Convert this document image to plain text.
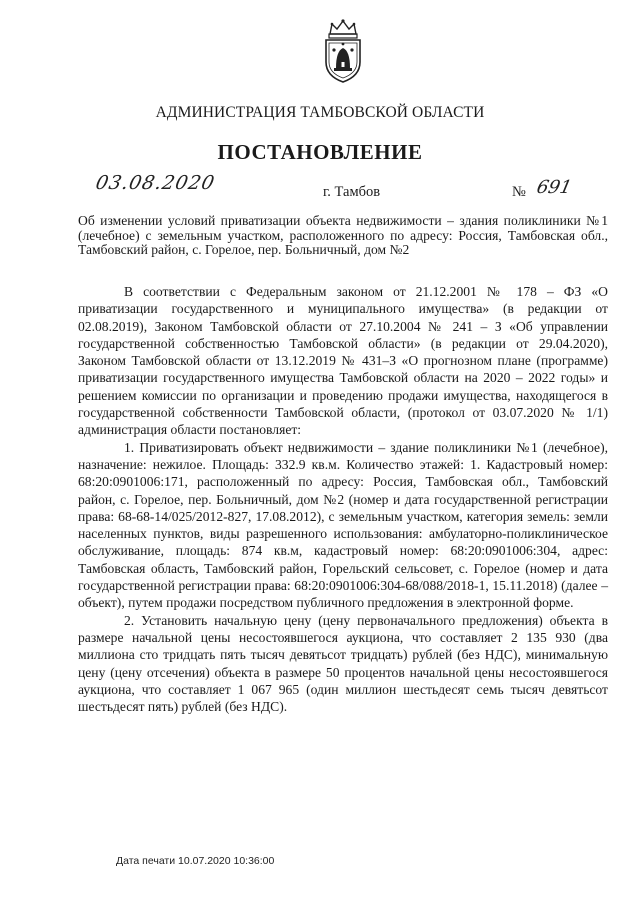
АДМИНИСТРАЦИЯ ТАМБОВСКОЙ ОБЛАСТИ
ПОСТАНОВЛЕНИЕ
03.08.2020	г. Тамбов	№ 691
Об изменении условий приватизации объекта недвижимости – здания поликлиники №1 (лечебное) с земельным участком, расположенного по адресу: Россия, Тамбовская обл., Тамбовский район, с. Горелое, пер. Больничный, дом №2

В соответствии с Федеральным законом от 21.12.2001 № 178 – ФЗ «О приватизации государственного и муниципального имущества» (в редакции от 02.08.2019), Законом Тамбовской области от 27.10.2004 № 241 – З «Об управлении государственной собственностью Тамбовской области» (в редакции от 29.04.2020), Законом Тамбовской области от 13.12.2019 № 431–З «О прогнозном плане (программе) приватизации государственного имущества Тамбовской области на 2020 – 2022 годы» и решением комиссии по организации и проведению продажи имущества, находящегося в государственной собственности Тамбовской области, (протокол от 03.07.2020 № 1/1) администрация области постановляет:

1. Приватизировать объект недвижимости – здание поликлиники №1 (лечебное), назначение: нежилое. Площадь: 332.9 кв.м. Количество этажей: 1. Кадастровый номер: 68:20:0901006:171, расположенный по адресу: Россия, Тамбовская обл., Тамбовский район, с. Горелое, пер. Больничный, дом №2 (номер и дата государственной регистрации права: 68-68-14/025/2012-827, 17.08.2012), с земельным участком, категория земель: земли населенных пунктов, виды разрешенного использования: амбулаторно-поликлиническое обслуживание, площадь: 874 кв.м, кадастровый номер: 68:20:0901006:304, адрес: Тамбовская область, Тамбовский район, Горельский сельсовет, с. Горелое (номер и дата государственной регистрации права: 68:20:0901006:304-68/088/2018-1, 15.11.2018) (далее – объект), путем продажи посредством публичного предложения в электронной форме.

2. Установить начальную цену (цену первоначального предложения) объекта в размере начальной цены несостоявшегося аукциона, что составляет 2 135 930 (два миллиона сто тридцать пять тысяч девятьсот тридцать) рублей (без НДС), минимальную цену (цену отсечения) объекта в размере 50 процентов начальной цены несостоявшегося аукциона, что составляет 1 067 965 (один миллион шестьдесят семь тысяч девятьсот шестьдесят пять) рублей (без НДС).

Дата печати 10.07.2020 10:36:00
